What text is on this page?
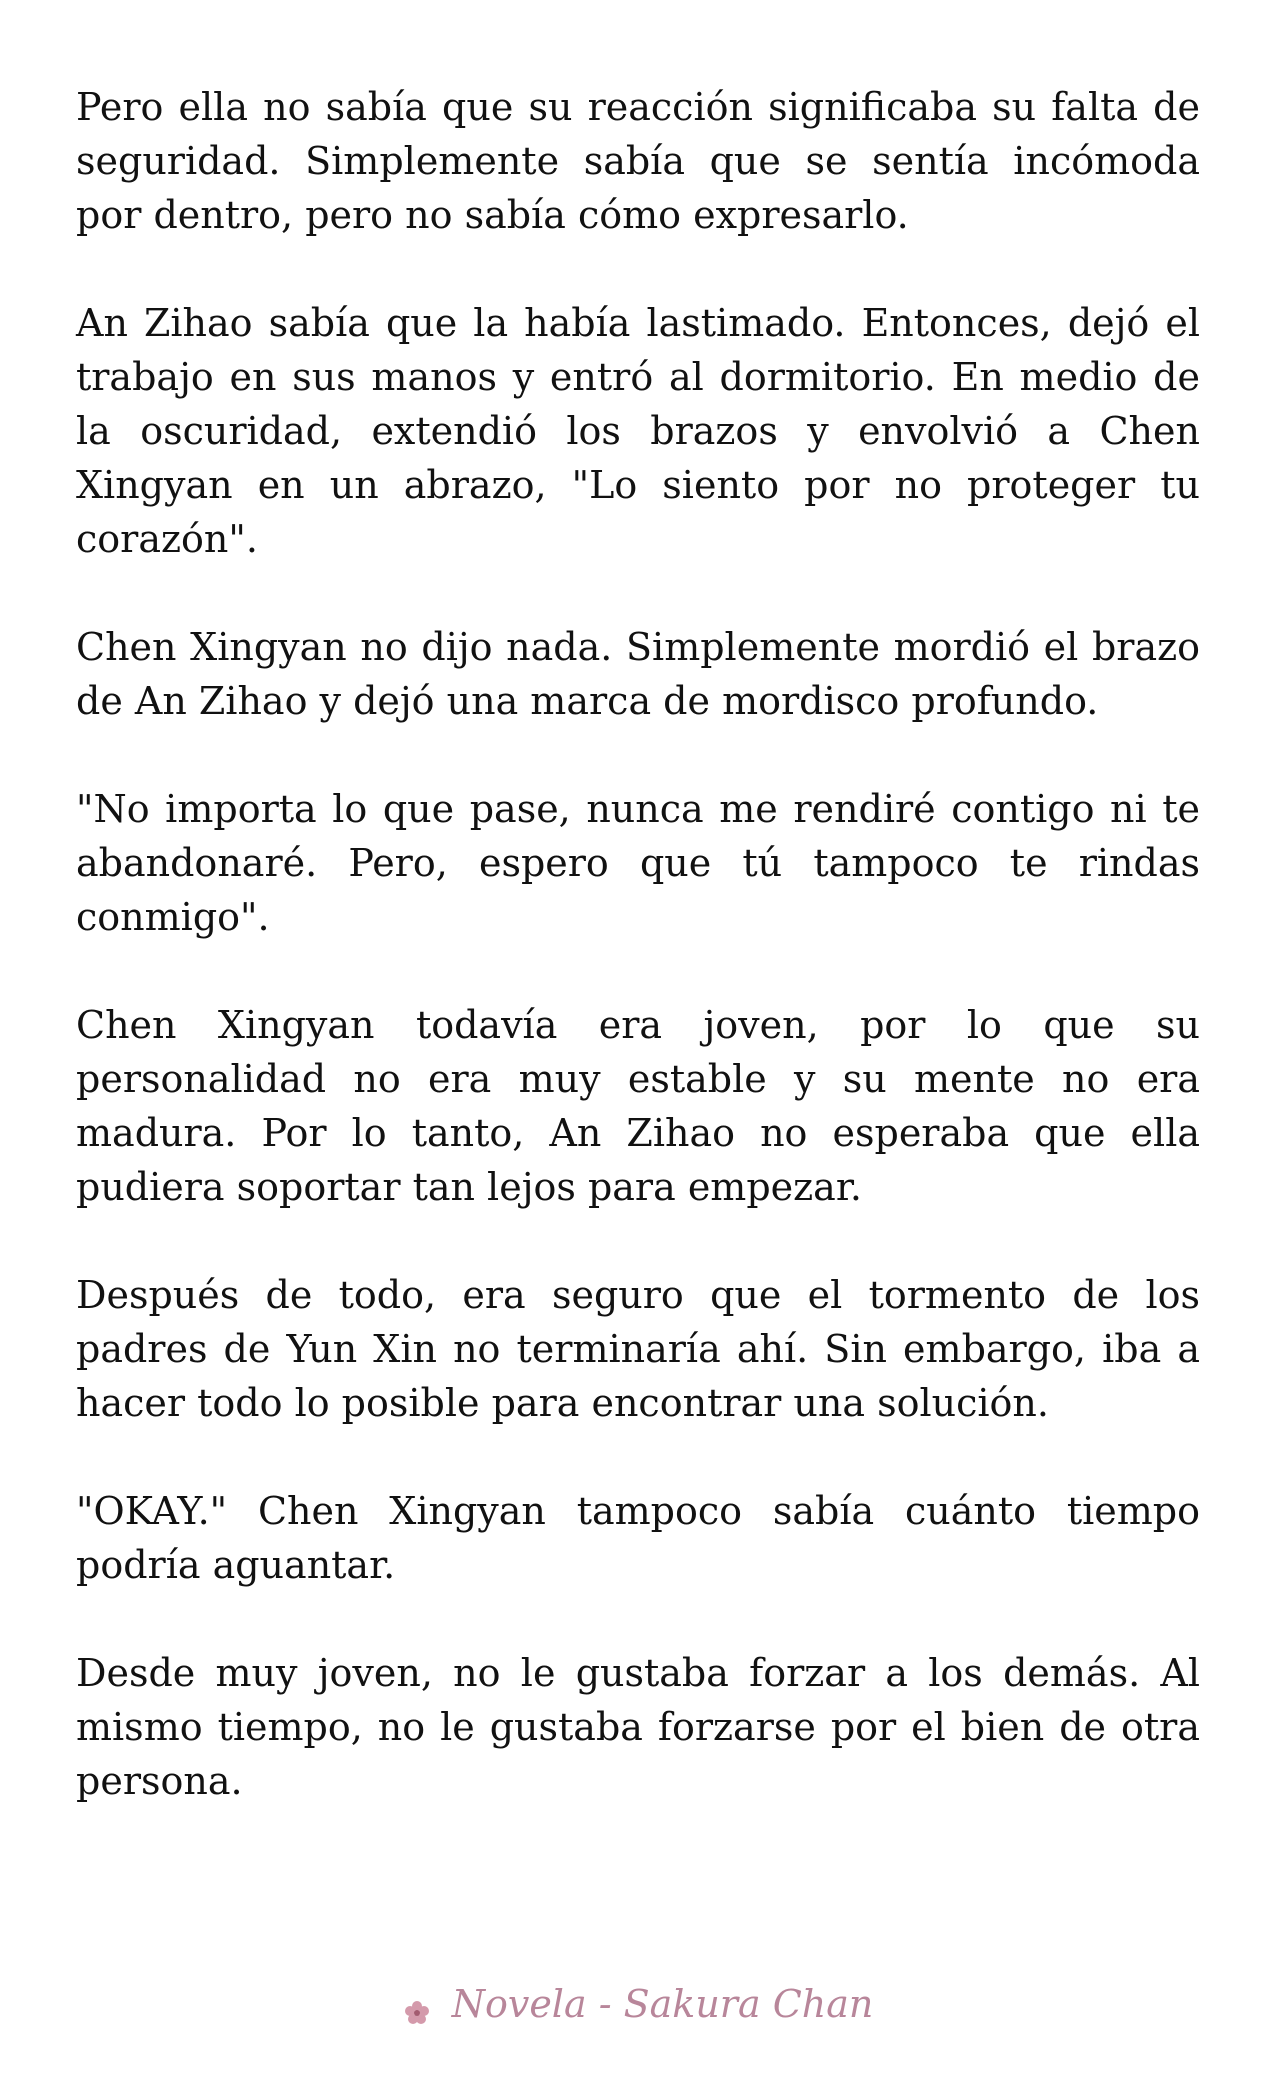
Pero ella no sabía que su reacción significaba su falta de seguridad. Simplemente sabía que se sentía incómoda por dentro, pero no sabía cómo expresarlo.

An Zihao sabía que la había lastimado. Entonces, dejó el trabajo en sus manos y entró al dormitorio. En medio de la oscuridad, extendió los brazos y envolvió a Chen Xingyan en un abrazo, "Lo siento por no proteger tu corazón".

Chen Xingyan no dijo nada. Simplemente mordió el brazo de An Zihao y dejó una marca de mordisco profundo.

"No importa lo que pase, nunca me rendiré contigo ni te abandonaré. Pero, espero que tú tampoco te rindas conmigo".

Chen Xingyan todavía era joven, por lo que su personalidad no era muy estable y su mente no era madura. Por lo tanto, An Zihao no esperaba que ella pudiera soportar tan lejos para empezar.

Después de todo, era seguro que el tormento de los padres de Yun Xin no terminaría ahí. Sin embargo, iba a hacer todo lo posible para encontrar una solución.

"OKAY." Chen Xingyan tampoco sabía cuánto tiempo podría aguantar.

Desde muy joven, no le gustaba forzar a los demás. Al mismo tiempo, no le gustaba forzarse por el bien de otra persona.

Novela - Sakura Chan
